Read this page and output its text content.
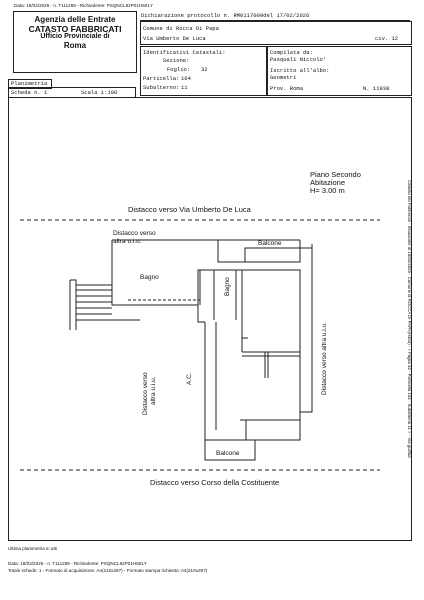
Data: 18/02/2026 - n. T111269 - Richiedente: PSQNCL92P01H501Y
Agenzia delle Entrate
CATASTO FABBRICATI
Ufficio Provinciale di
Roma
Dichiarazione protocollo n. RM0117009del 17/02/2026
Comune di Rocca Di Papa
Via Umberto De Luca	civ. 12
Identificativi Catastali:
Sezione:
Foglio: 32
Particella: 164
Subalterno: 11
Compilata da:
Pasquali Niccolo'
Iscritto all'albo:
Geometri
Prov. Roma	N. 11938
Planimetria
Scheda n. 1	Scala 1:100
Piano Secondo
Abitazione
H= 3.00 m
Distacco verso Via Umberto De Luca
Distacco verso
altra u.i.u.	Balcone
Bagno	Bagno
Distacco verso altra u.i.u.	A.C.	Distacco verso altra u.i.u.
Balcone
Distacco verso Corso della Costituente
Catasto dei Fabbricati - Situazione al 18/02/2026 - Comune di ROCCA DI PAPA(H404) - < Foglio 32 - Particella 164 - Subalterno 11 > - Via guiffaa
Ultima planimetria in atti
Data: 18/02/2026 - n. T111269 - Richiedente: PSQNCL92P01H501Y
Totale schede: 1 - Formato di acquisizione: A4(210x297) - Formato stampa richiesto: A4(210x297)
